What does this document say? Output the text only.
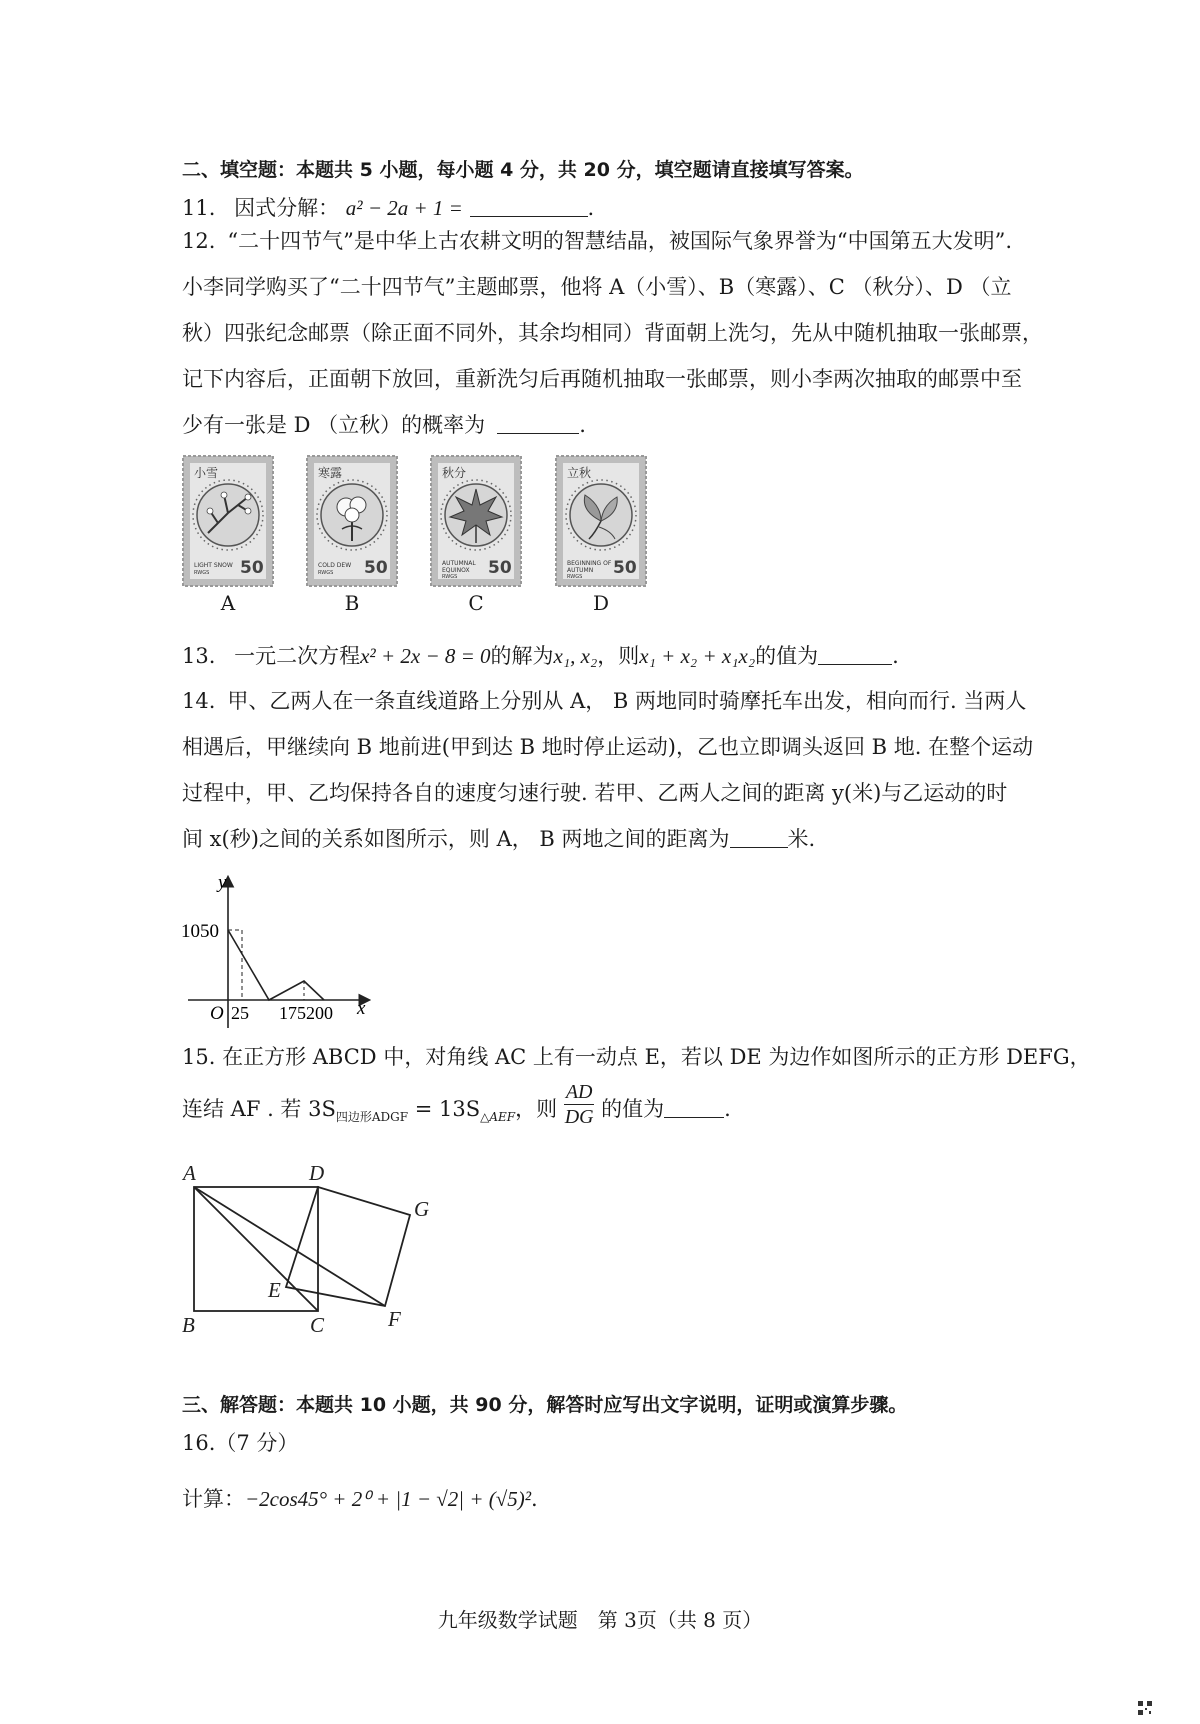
二、填空题：本题共 5 小题，每小题 4 分，共 20 分，填空题请直接填写答案。
11. 因式分解： a² − 2a + 1 =	.
12. “二十四节气”是中华上古农耕文明的智慧结晶，被国际气象界誉为“中国第五大发明”.
小李同学购买了“二十四节气”主题邮票，他将 A（小雪）、B（寒露）、C （秋分）、D （立
秋）四张纪念邮票（除正面不同外，其余均相同）背面朝上洗匀，先从中随机抽取一张邮票，
记下内容后，正面朝下放回，重新洗匀后再随机抽取一张邮票，则小李两次抽取的邮票中至
少有一张是 D （立秋）的概率为	.
小雪
LIGHT SNOW
RWGS 50
A
寒露
COLD DEW
RWGS 50
B
秋分
AUTUMNAL
EQUINOX
RWGS 50
C
立秋
BEGINNING OF
AUTUMN
RWGS 50
D
13. 一元二次方程x² + 2x − 8 = 0的解为x₁, x₂，则x₁ + x₂ + x₁x₂的值为	.
14. 甲、乙两人在一条直线道路上分别从 A， B 两地同时骑摩托车出发，相向而行. 当两人
相遇后，甲继续向 B 地前进(甲到达 B 地时停止运动)，乙也立即调头返回 B 地. 在整个运动
过程中，甲、乙均保持各自的速度匀速行驶. 若甲、乙两人之间的距离 y(米)与乙运动的时
间 x(秒)之间的关系如图所示，则 A， B 两地之间的距离为	米.
y
x
1050
O 25 175200
15. 在正方形 ABCD 中，对角线 AC 上有一动点 E，若以 DE 为边作如图所示的正方形 DEFG，
连结 AF . 若 $3S_{四边形ADGF} = 13S_{\triangle AEF}$，则 $\frac{AD}{DG}$ 的值为	.
A	D
G
E
B	C	F
三、解答题：本题共 10 小题，共 90 分，解答时应写出文字说明，证明或演算步骤。
16.（7 分）
计算：−2cos45° + 2⁰ + |1 − √2| + (√5)².
九年级数学试题　第 3页（共 8 页）
